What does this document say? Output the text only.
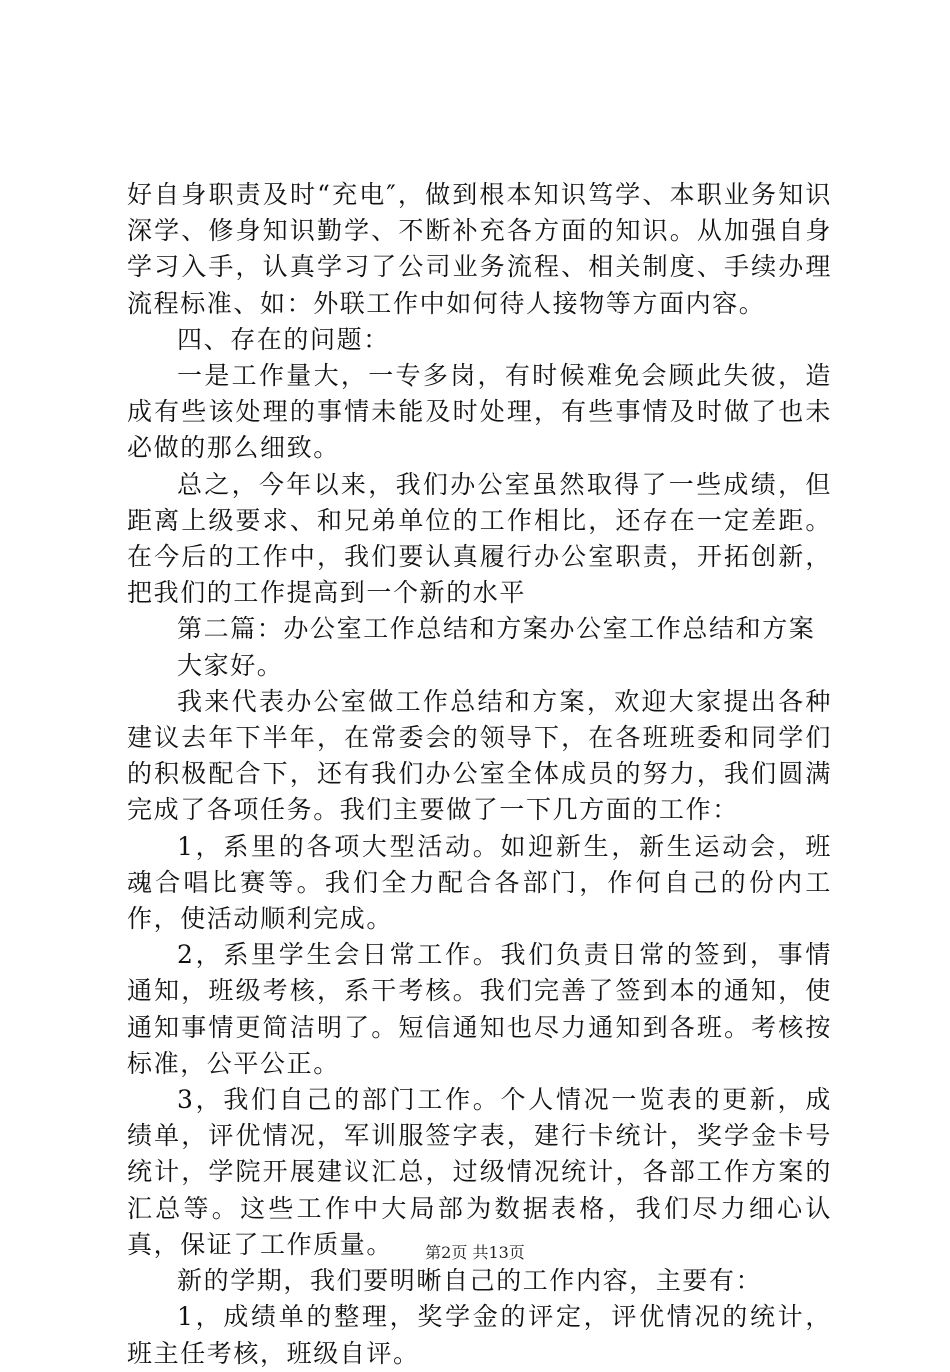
好自身职责及时“充电″，做到根本知识笃学、本职业务知识深学、修身知识勤学、不断补充各方面的知识。从加强自身学习入手，认真学习了公司业务流程、相关制度、手续办理流程标准、如：外联工作中如何待人接物等方面内容。

四、存在的问题：

一是工作量大，一专多岗，有时候难免会顾此失彼，造成有些该处理的事情未能及时处理，有些事情及时做了也未必做的那么细致。

总之，今年以来，我们办公室虽然取得了一些成绩，但距离上级要求、和兄弟单位的工作相比，还存在一定差距。在今后的工作中，我们要认真履行办公室职责，开拓创新，把我们的工作提高到一个新的水平

第二篇：办公室工作总结和方案办公室工作总结和方案

大家好。

我来代表办公室做工作总结和方案，欢迎大家提出各种建议去年下半年，在常委会的领导下，在各班班委和同学们的积极配合下，还有我们办公室全体成员的努力，我们圆满完成了各项任务。我们主要做了一下几方面的工作：

1，系里的各项大型活动。如迎新生，新生运动会，班魂合唱比赛等。我们全力配合各部门，作何自己的份内工作，使活动顺利完成。

2，系里学生会日常工作。我们负责日常的签到，事情通知，班级考核，系干考核。我们完善了签到本的通知，使通知事情更简洁明了。短信通知也尽力通知到各班。考核按标准，公平公正。

3，我们自己的部门工作。个人情况一览表的更新，成绩单，评优情况，军训服签字表，建行卡统计，奖学金卡号统计，学院开展建议汇总，过级情况统计，各部工作方案的汇总等。这些工作中大局部为数据表格，我们尽力细心认真，保证了工作质量。

新的学期，我们要明晰自己的工作内容，主要有：

1，成绩单的整理，奖学金的评定，评优情况的统计，班主任考核，班级自评。

第2页 共13页
